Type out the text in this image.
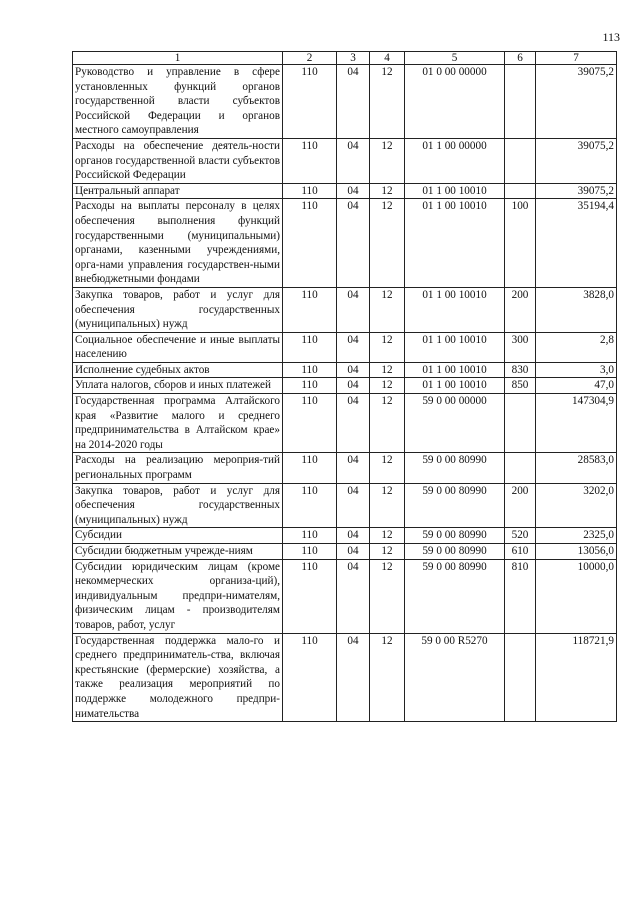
113
1	2	3	4	5	6	7
Руководство и управление в сфере установленных функций органов государственной власти субъектов Российской Федерации и органов местного самоуправления	110	04	12	01 0 00 00000		39075,2
Расходы на обеспечение деятель-ности органов государственной власти субъектов Российской Федерации	110	04	12	01 1 00 00000		39075,2
Центральный аппарат	110	04	12	01 1 00 10010		39075,2
Расходы на выплаты персоналу в целях обеспечения выполнения функций государственными (муниципальными) органами, казенными учреждениями, орга-нами управления государствен-ными внебюджетными фондами	110	04	12	01 1 00 10010	100	35194,4
Закупка товаров, работ и услуг для обеспечения государственных (муниципальных) нужд	110	04	12	01 1 00 10010	200	3828,0
Социальное обеспечение и иные выплаты населению	110	04	12	01 1 00 10010	300	2,8
Исполнение судебных актов	110	04	12	01 1 00 10010	830	3,0
Уплата налогов, сборов и иных платежей	110	04	12	01 1 00 10010	850	47,0
Государственная программа Алтайского края «Развитие малого и среднего предпринимательства в Алтайском крае» на 2014-2020 годы	110	04	12	59 0 00 00000		147304,9
Расходы на реализацию мероприя-тий региональных программ	110	04	12	59 0 00 80990		28583,0
Закупка товаров, работ и услуг для обеспечения государственных (муниципальных) нужд	110	04	12	59 0 00 80990	200	3202,0
Субсидии	110	04	12	59 0 00 80990	520	2325,0
Субсидии бюджетным учрежде-ниям	110	04	12	59 0 00 80990	610	13056,0
Субсидии юридическим лицам (кроме некоммерческих организа-ций), индивидуальным предпри-нимателям, физическим лицам - производителям товаров, работ, услуг	110	04	12	59 0 00 80990	810	10000,0
Государственная поддержка мало-го и среднего предприниматель-ства, включая крестьянские (фермерские) хозяйства, а также реализация мероприятий по поддержке молодежного предпри-нимательства	110	04	12	59 0 00 R5270		118721,9
